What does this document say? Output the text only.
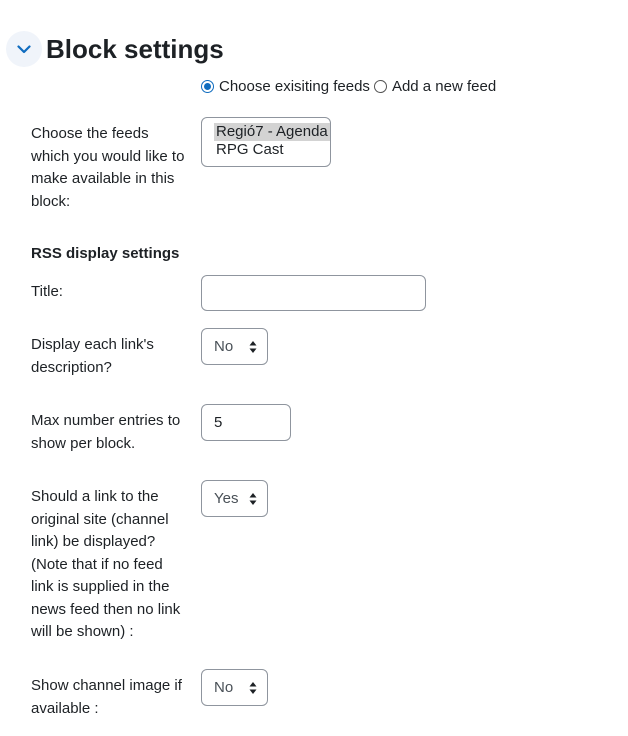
Block settings
Choose exisiting feeds Add a new feed
Choose the feeds which you would like to make available in this block:
Regió7 - Agenda
RPG Cast
RSS display settings
Title:
Display each link's description?
No
Max number entries to show per block.
5
Should a link to the original site (channel link) be displayed? (Note that if no feed link is supplied in the news feed then no link will be shown) :
Yes
Show channel image if available :
No
